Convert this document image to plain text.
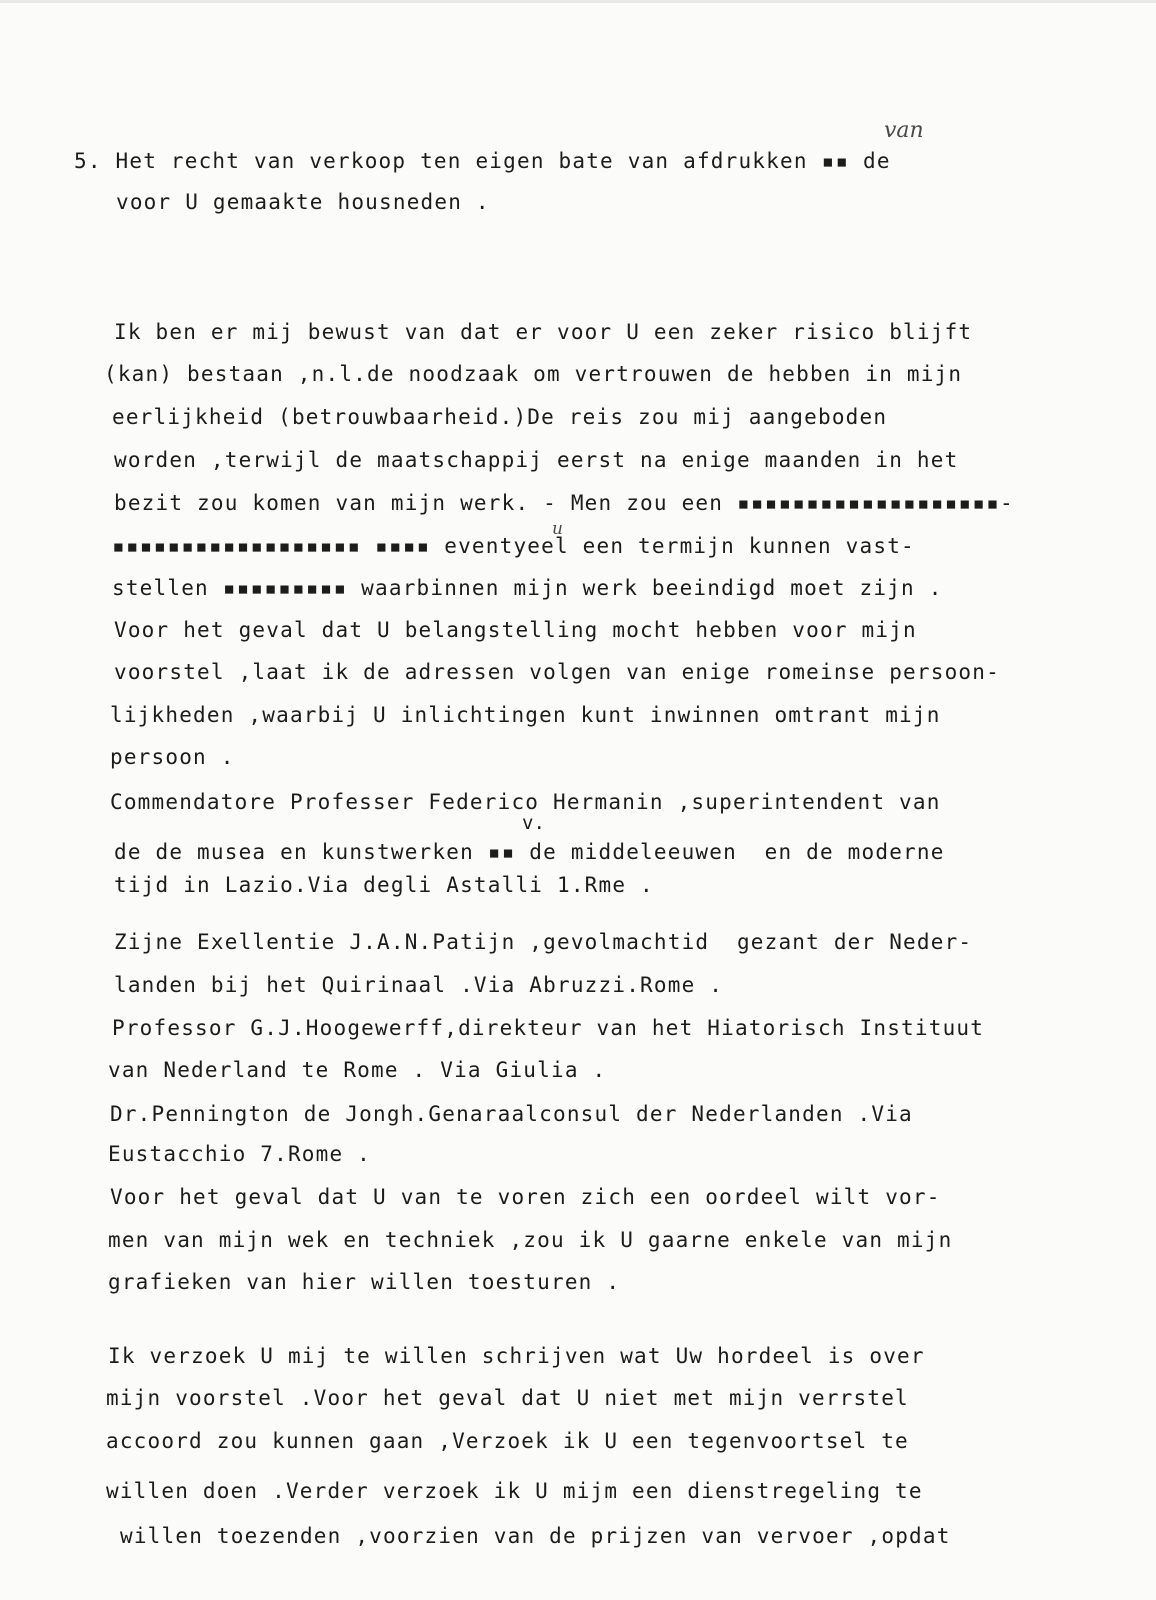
van
u
v.
5. Het recht van verkoop ten eigen bate van afdrukken ▪▪ de
voor U gemaakte housneden .
Ik ben er mij bewust van dat er voor U een zeker risico blijft
(kan) bestaan ,n.l.de noodzaak om vertrouwen de hebben in mijn
eerlijkheid (betrouwbaarheid.)De reis zou mij aangeboden
worden ,terwijl de maatschappij eerst na enige maanden in het
bezit zou komen van mijn werk. - Men zou een ▪▪▪▪▪▪▪▪▪▪▪▪▪▪▪▪▪▪▪-
▪▪▪▪▪▪▪▪▪▪▪▪▪▪▪▪▪▪ ▪▪▪▪ eventyeel een termijn kunnen vast-
stellen ▪▪▪▪▪▪▪▪▪ waarbinnen mijn werk beeindigd moet zijn .
Voor het geval dat U belangstelling mocht hebben voor mijn
voorstel ,laat ik de adressen volgen van enige romeinse persoon-
lijkheden ,waarbij U inlichtingen kunt inwinnen omtrant mijn
persoon .
Commendatore Professer Federico Hermanin ,superintendent van
de de musea en kunstwerken ▪▪ de middeleeuwen  en de moderne
tijd in Lazio.Via degli Astalli 1.Rme .
Zijne Exellentie J.A.N.Patijn ,gevolmachtid  gezant der Neder-
landen bij het Quirinaal .Via Abruzzi.Rome .
Professor G.J.Hoogewerff,direkteur van het Hiatorisch Instituut
van Nederland te Rome . Via Giulia .
Dr.Pennington de Jongh.Genaraalconsul der Nederlanden .Via
Eustacchio 7.Rome .
Voor het geval dat U van te voren zich een oordeel wilt vor-
men van mijn wek en techniek ,zou ik U gaarne enkele van mijn
grafieken van hier willen toesturen .
Ik verzoek U mij te willen schrijven wat Uw hordeel is over
mijn voorstel .Voor het geval dat U niet met mijn verrstel
accoord zou kunnen gaan ,Verzoek ik U een tegenvoortsel te
willen doen .Verder verzoek ik U mijm een dienstregeling te
willen toezenden ,voorzien van de prijzen van vervoer ,opdat
